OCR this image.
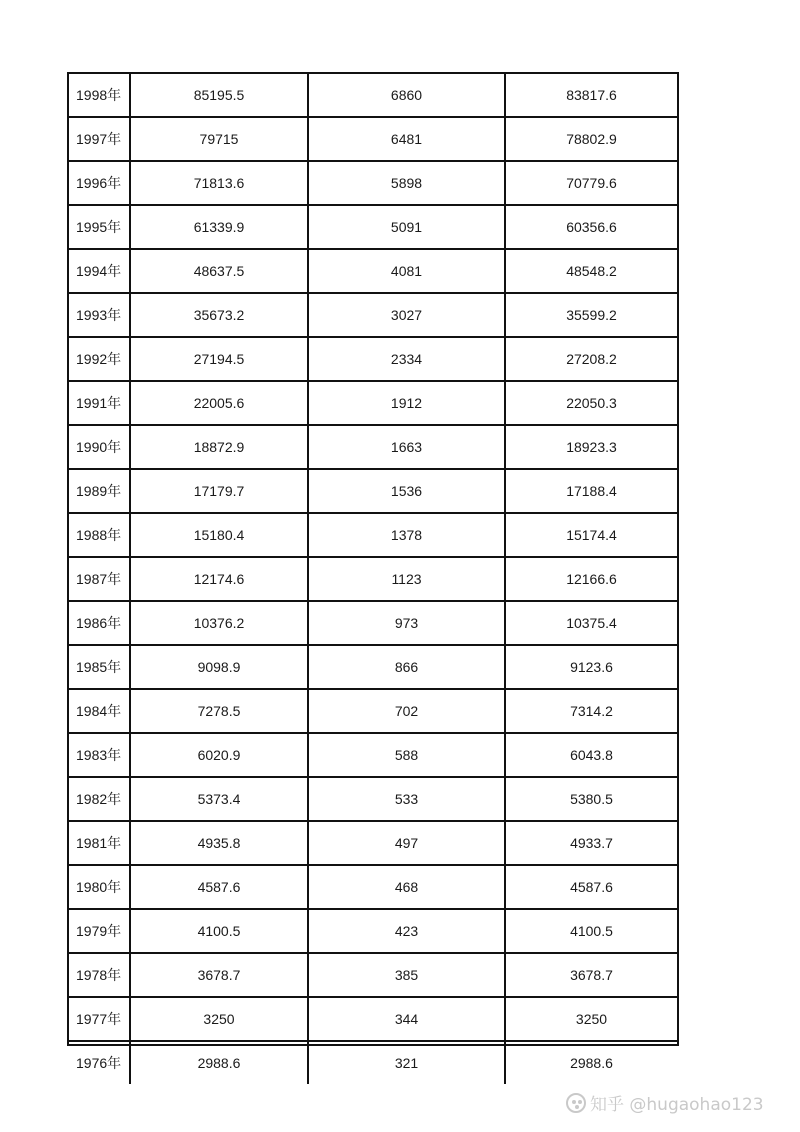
1998年	85195.5	6860	83817.6
1997年	79715	6481	78802.9
1996年	71813.6	5898	70779.6
1995年	61339.9	5091	60356.6
1994年	48637.5	4081	48548.2
1993年	35673.2	3027	35599.2
1992年	27194.5	2334	27208.2
1991年	22005.6	1912	22050.3
1990年	18872.9	1663	18923.3
1989年	17179.7	1536	17188.4
1988年	15180.4	1378	15174.4
1987年	12174.6	1123	12166.6
1986年	10376.2	973	10375.4
1985年	9098.9	866	9123.6
1984年	7278.5	702	7314.2
1983年	6020.9	588	6043.8
1982年	5373.4	533	5380.5
1981年	4935.8	497	4933.7
1980年	4587.6	468	4587.6
1979年	4100.5	423	4100.5
1978年	3678.7	385	3678.7
1977年	3250	344	3250
1976年	2988.6	321	2988.6
知乎 @hugaohao123
